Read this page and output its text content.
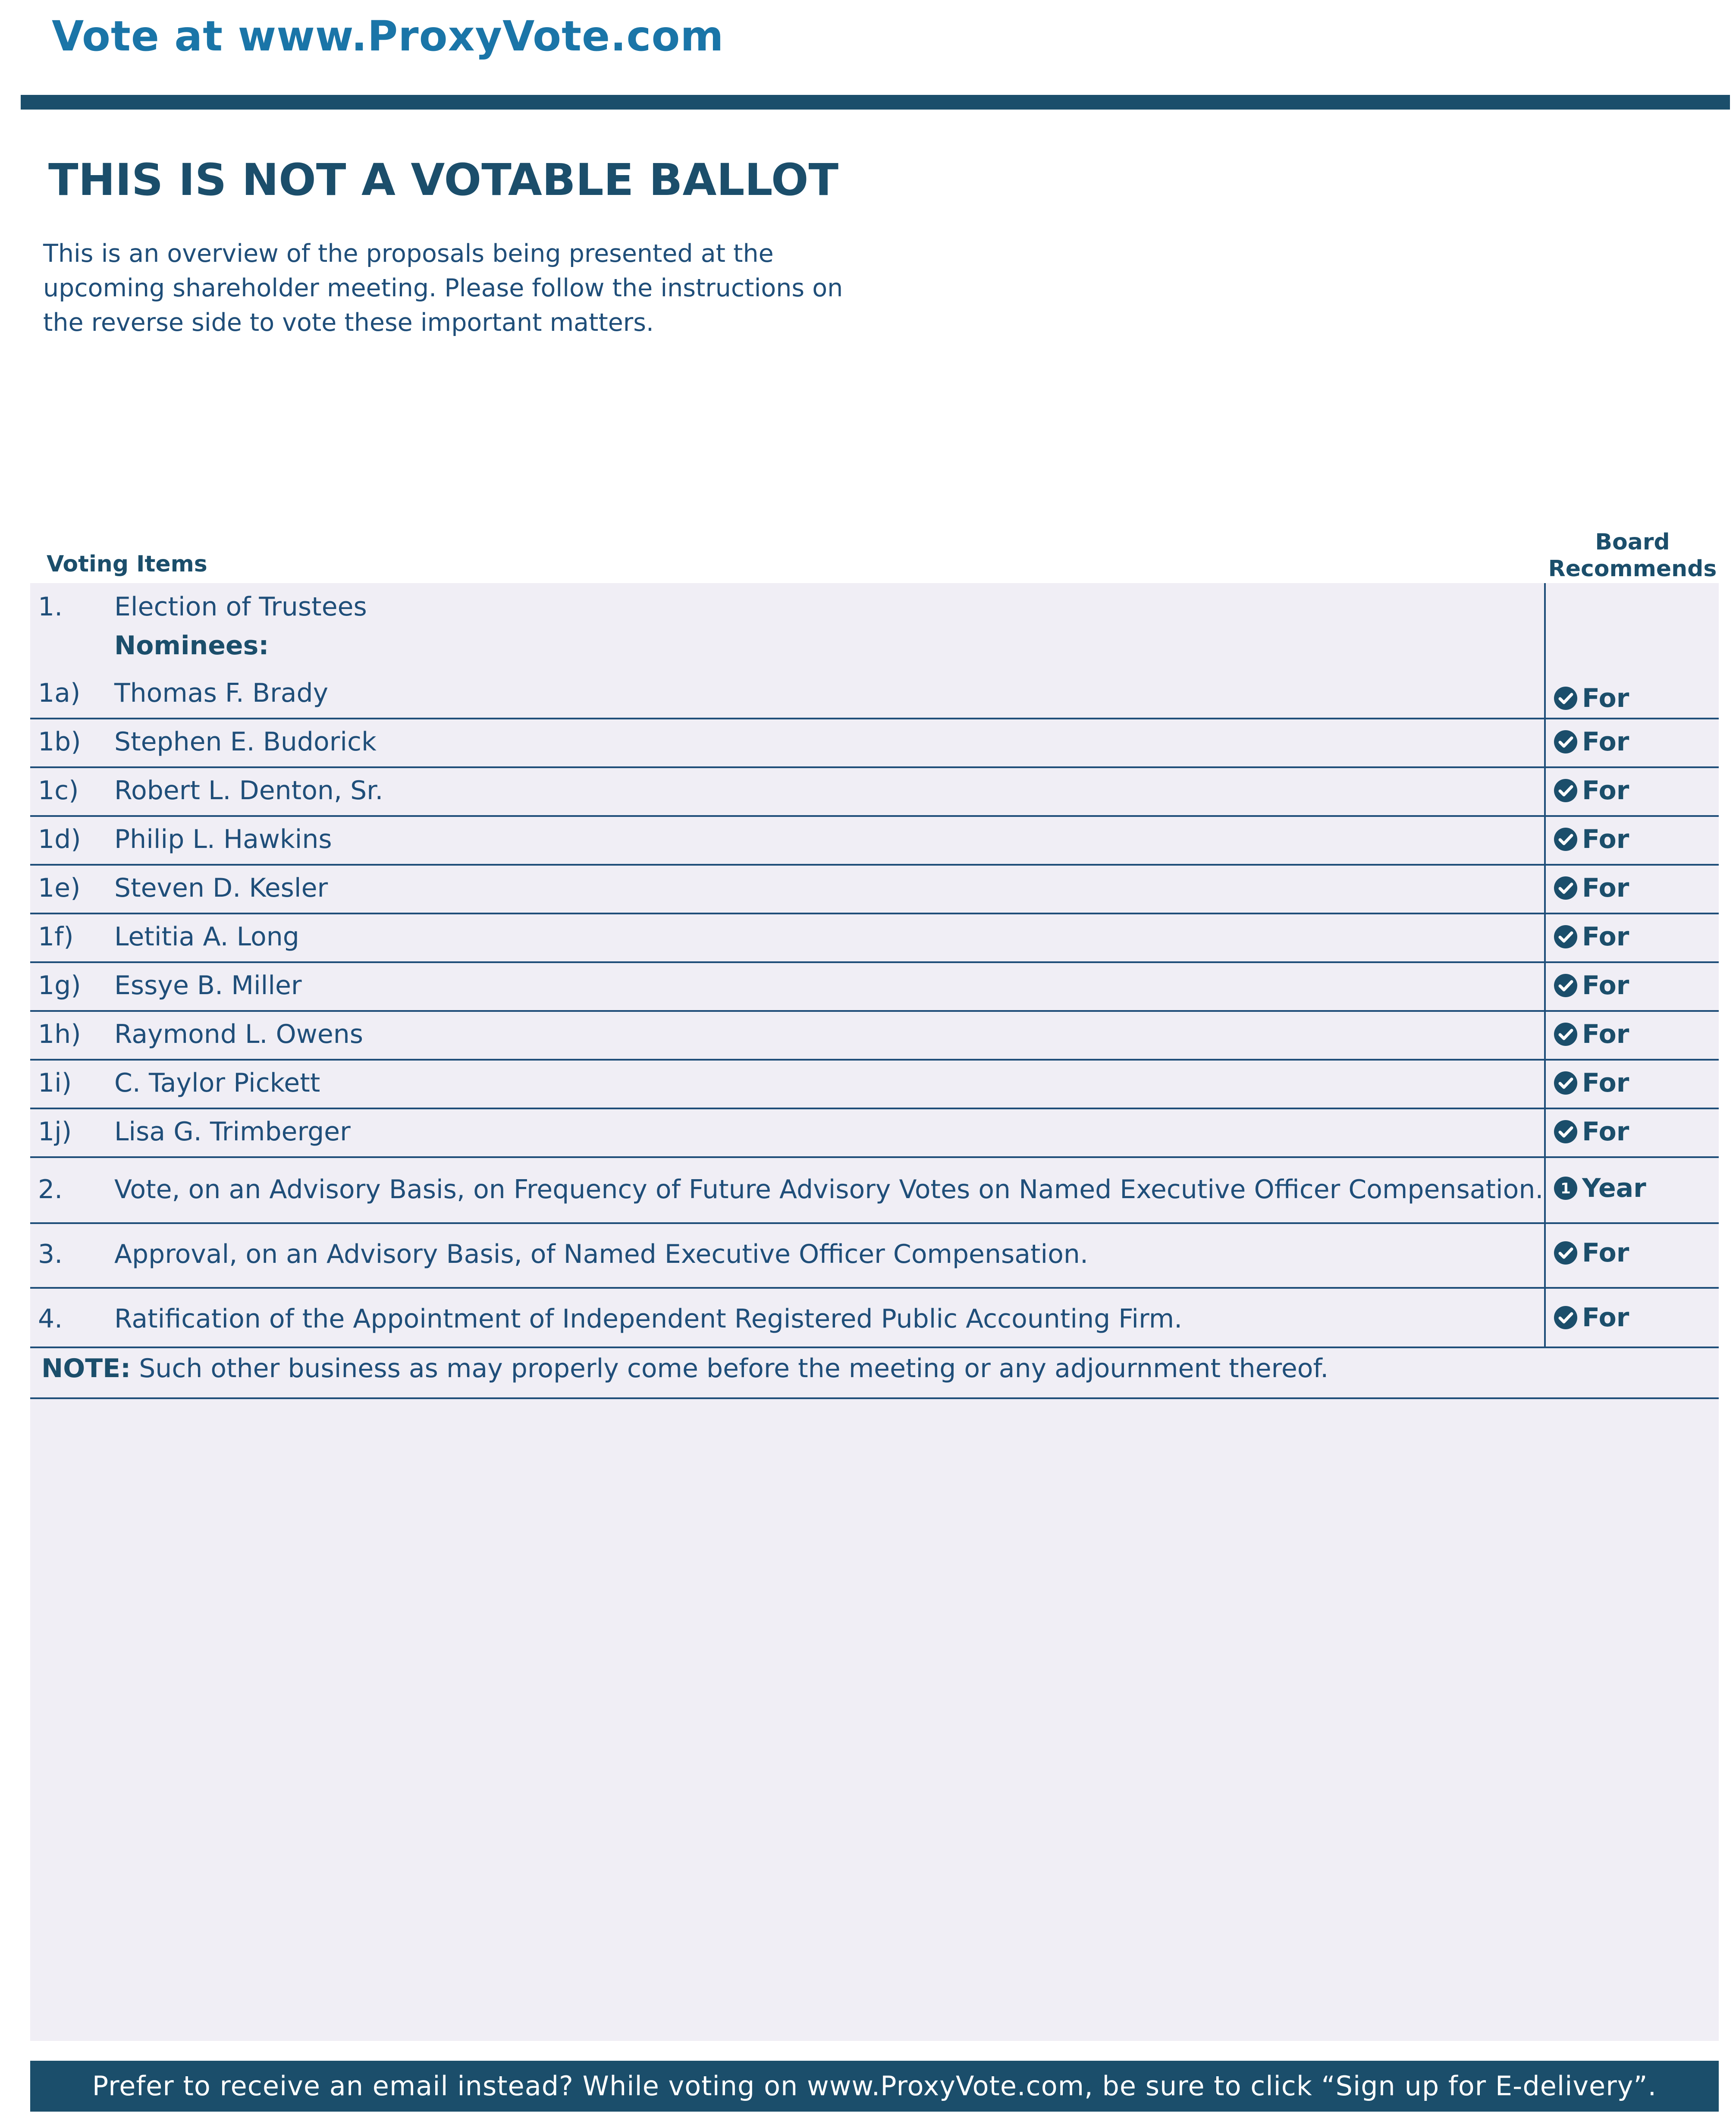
Vote at www.ProxyVote.com
THIS IS NOT A VOTABLE BALLOT
This is an overview of the proposals being presented at the upcoming shareholder meeting. Please follow the instructions on the reverse side to vote these important matters.
Voting Items
Board
Recommends
1. Election of Trustees
Nominees:
1a) Thomas F. Brady	For
1b) Stephen E. Budorick	For
1c) Robert L. Denton, Sr.	For
1d) Philip L. Hawkins	For
1e) Steven D. Kesler	For
1f) Letitia A. Long	For
1g) Essye B. Miller	For
1h) Raymond L. Owens	For
1i) C. Taylor Pickett	For
1j) Lisa G. Trimberger	For
2. Vote, on an Advisory Basis, on Frequency of Future Advisory Votes on Named Executive Officer Compensation. 1 Year
3. Approval, on an Advisory Basis, of Named Executive Officer Compensation.	For
4. Ratification of the Appointment of Independent Registered Public Accounting Firm.	For
NOTE: Such other business as may properly come before the meeting or any adjournment thereof.
Prefer to receive an email instead? While voting on www.ProxyVote.com, be sure to click “Sign up for E-delivery”.
